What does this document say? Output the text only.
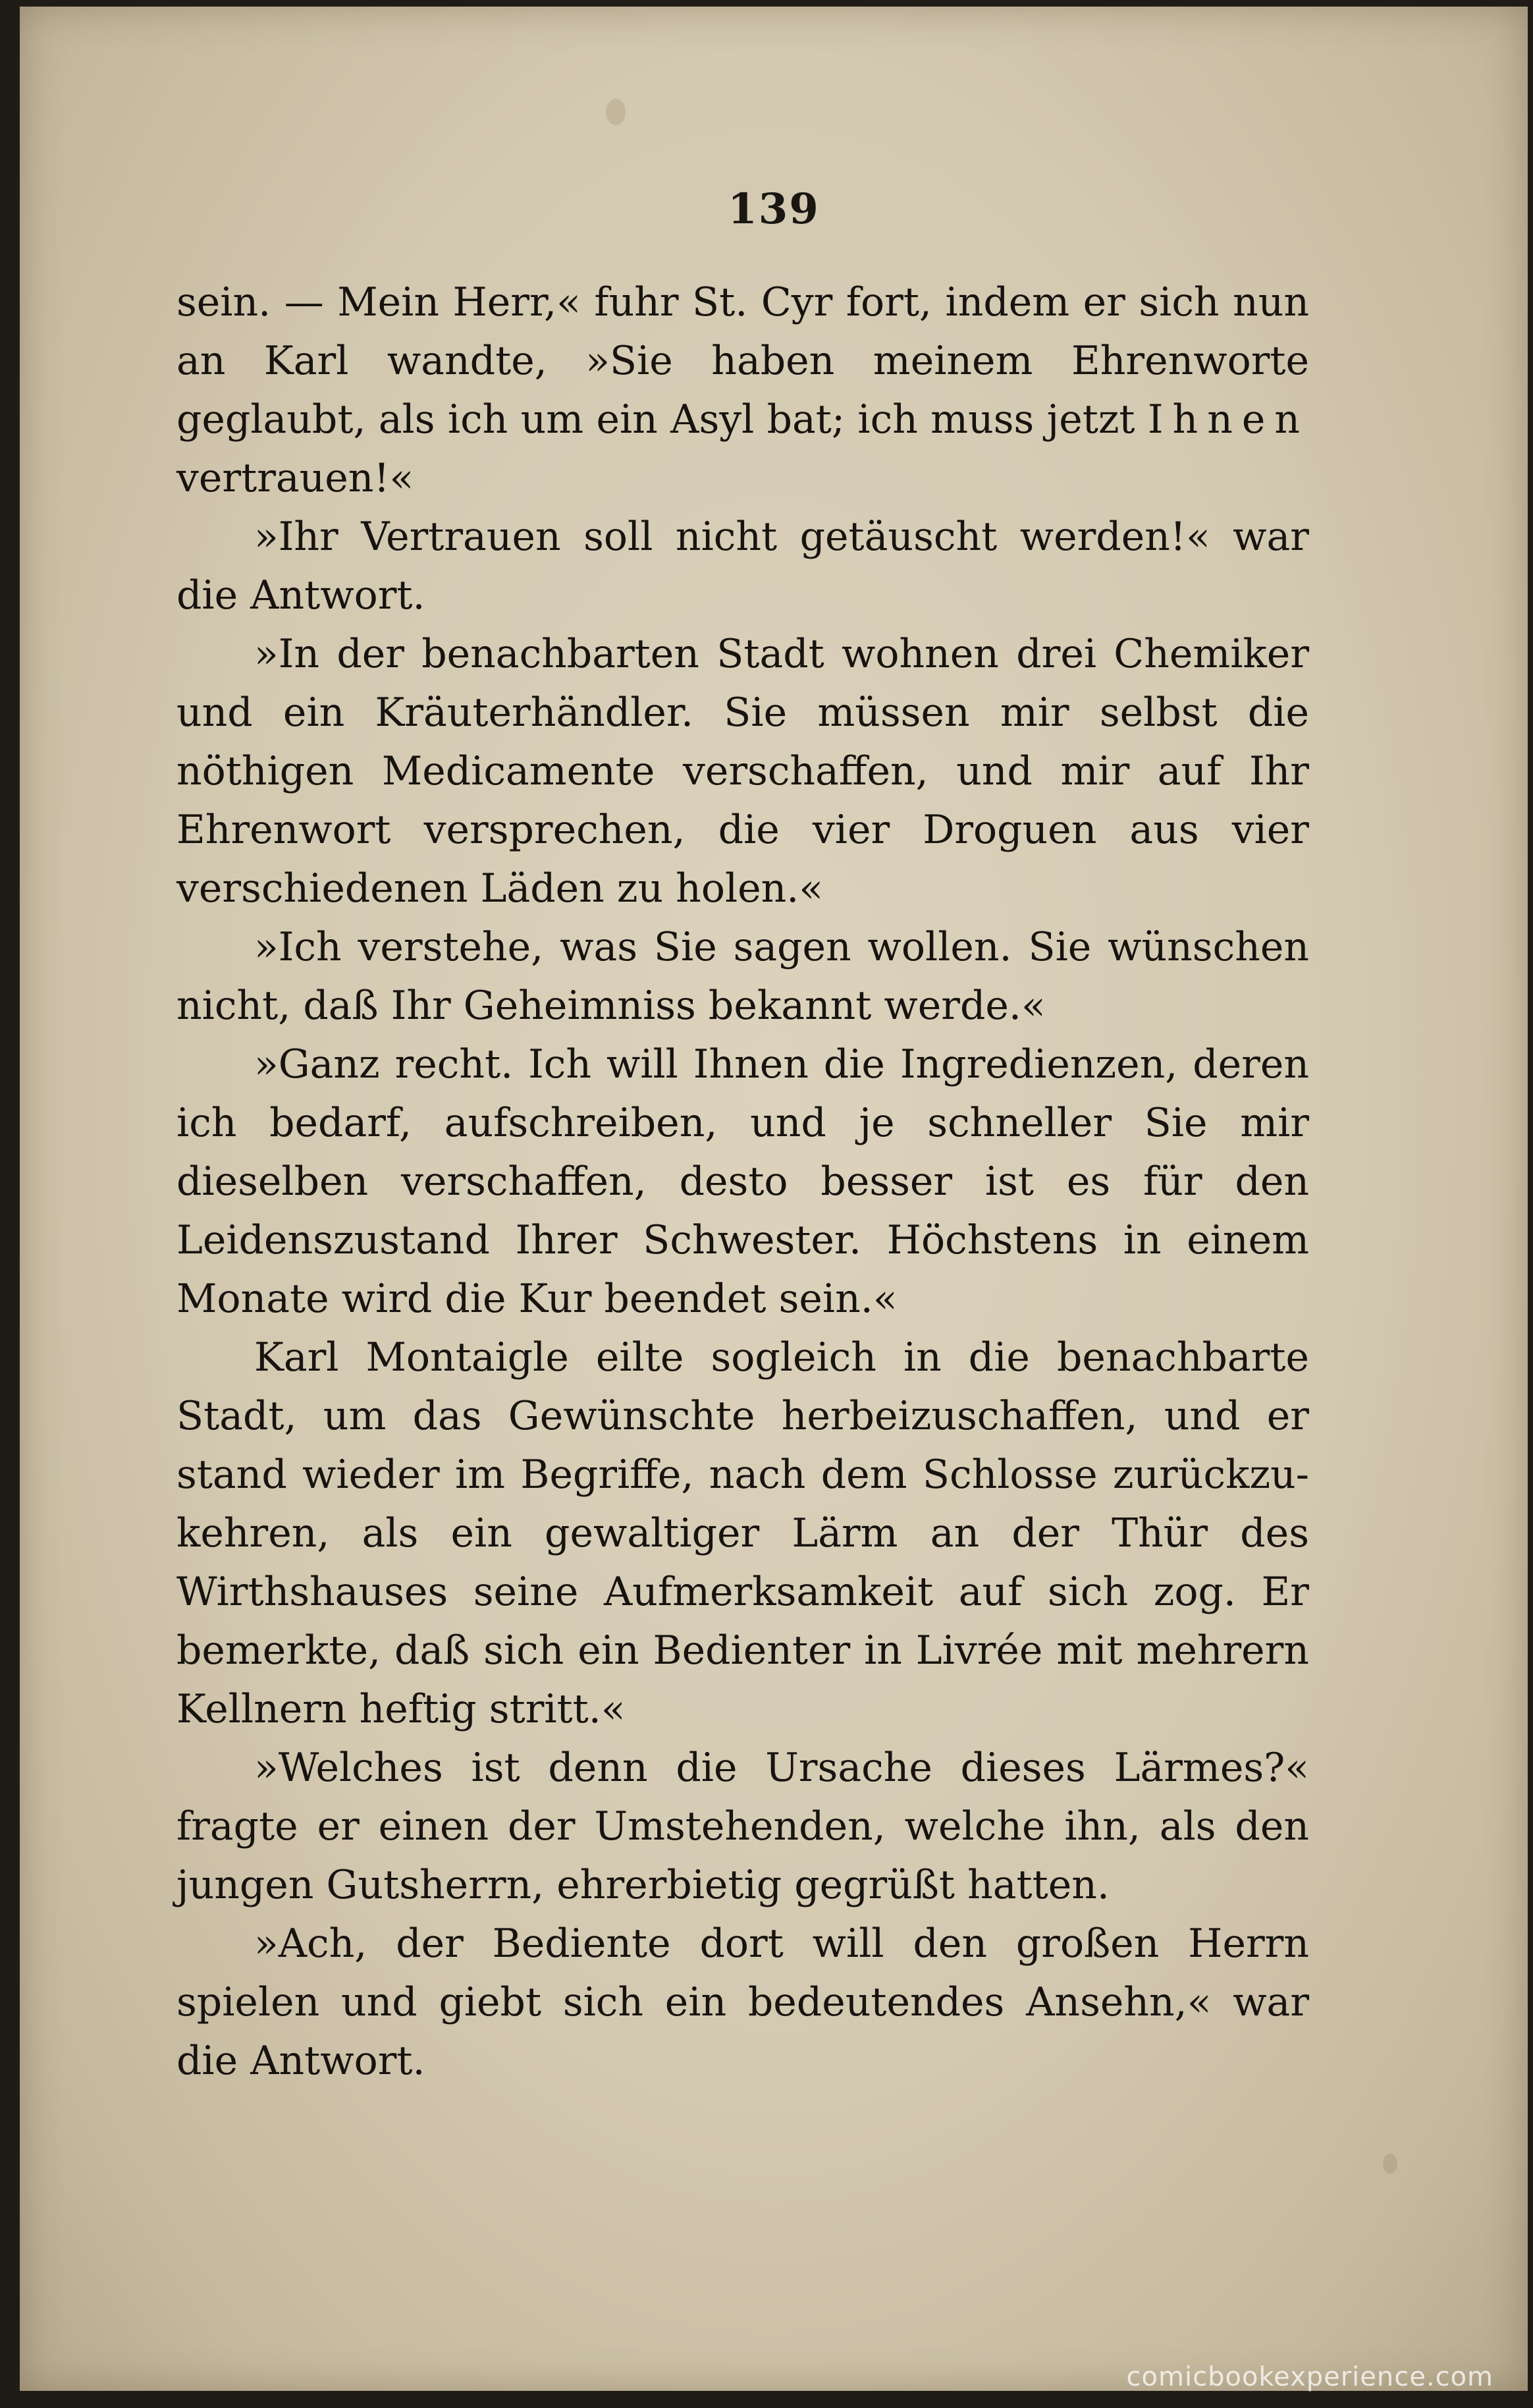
139

sein. — Mein Herr,« fuhr St. Cyr fort, indem er sich nun an Karl wandte, »Sie haben meinem Ehrenworte geglaubt, als ich um ein Asyl bat; ich muss jetzt Ihnen vertrauen!«

»Ihr Vertrauen soll nicht getäuscht werden!« war die Antwort.

»In der benachbarten Stadt wohnen drei Chemiker und ein Kräuterhändler. Sie müssen mir selbst die nöthigen Medicamente verschaffen, und mir auf Ihr Ehrenwort versprechen, die vier Droguen aus vier verschiedenen Läden zu holen.«

»Ich verstehe, was Sie sagen wollen. Sie wünschen nicht, daß Ihr Geheimniss bekannt werde.«

»Ganz recht. Ich will Ihnen die Ingredienzen, deren ich bedarf, aufschreiben, und je schneller Sie mir dieselben verschaffen, desto besser ist es für den Leidenszustand Ihrer Schwester. Höchstens in einem Monate wird die Kur beendet sein.«

Karl Montaigle eilte sogleich in die benachbarte Stadt, um das Gewünschte herbeizuschaffen, und er stand wieder im Begriffe, nach dem Schlosse zurückzukehren, als ein gewaltiger Lärm an der Thür des Wirthshauses seine Aufmerksamkeit auf sich zog. Er bemerkte, daß sich ein Bedienter in Livrée mit mehrern Kellnern heftig stritt.«

»Welches ist denn die Ursache dieses Lärmes?« fragte er einen der Umstehenden, welche ihn, als den jungen Gutsherrn, ehrerbietig gegrüßt hatten.

»Ach, der Bediente dort will den großen Herrn spielen und giebt sich ein bedeutendes Ansehn,« war die Antwort.

comicbookexperience.com
